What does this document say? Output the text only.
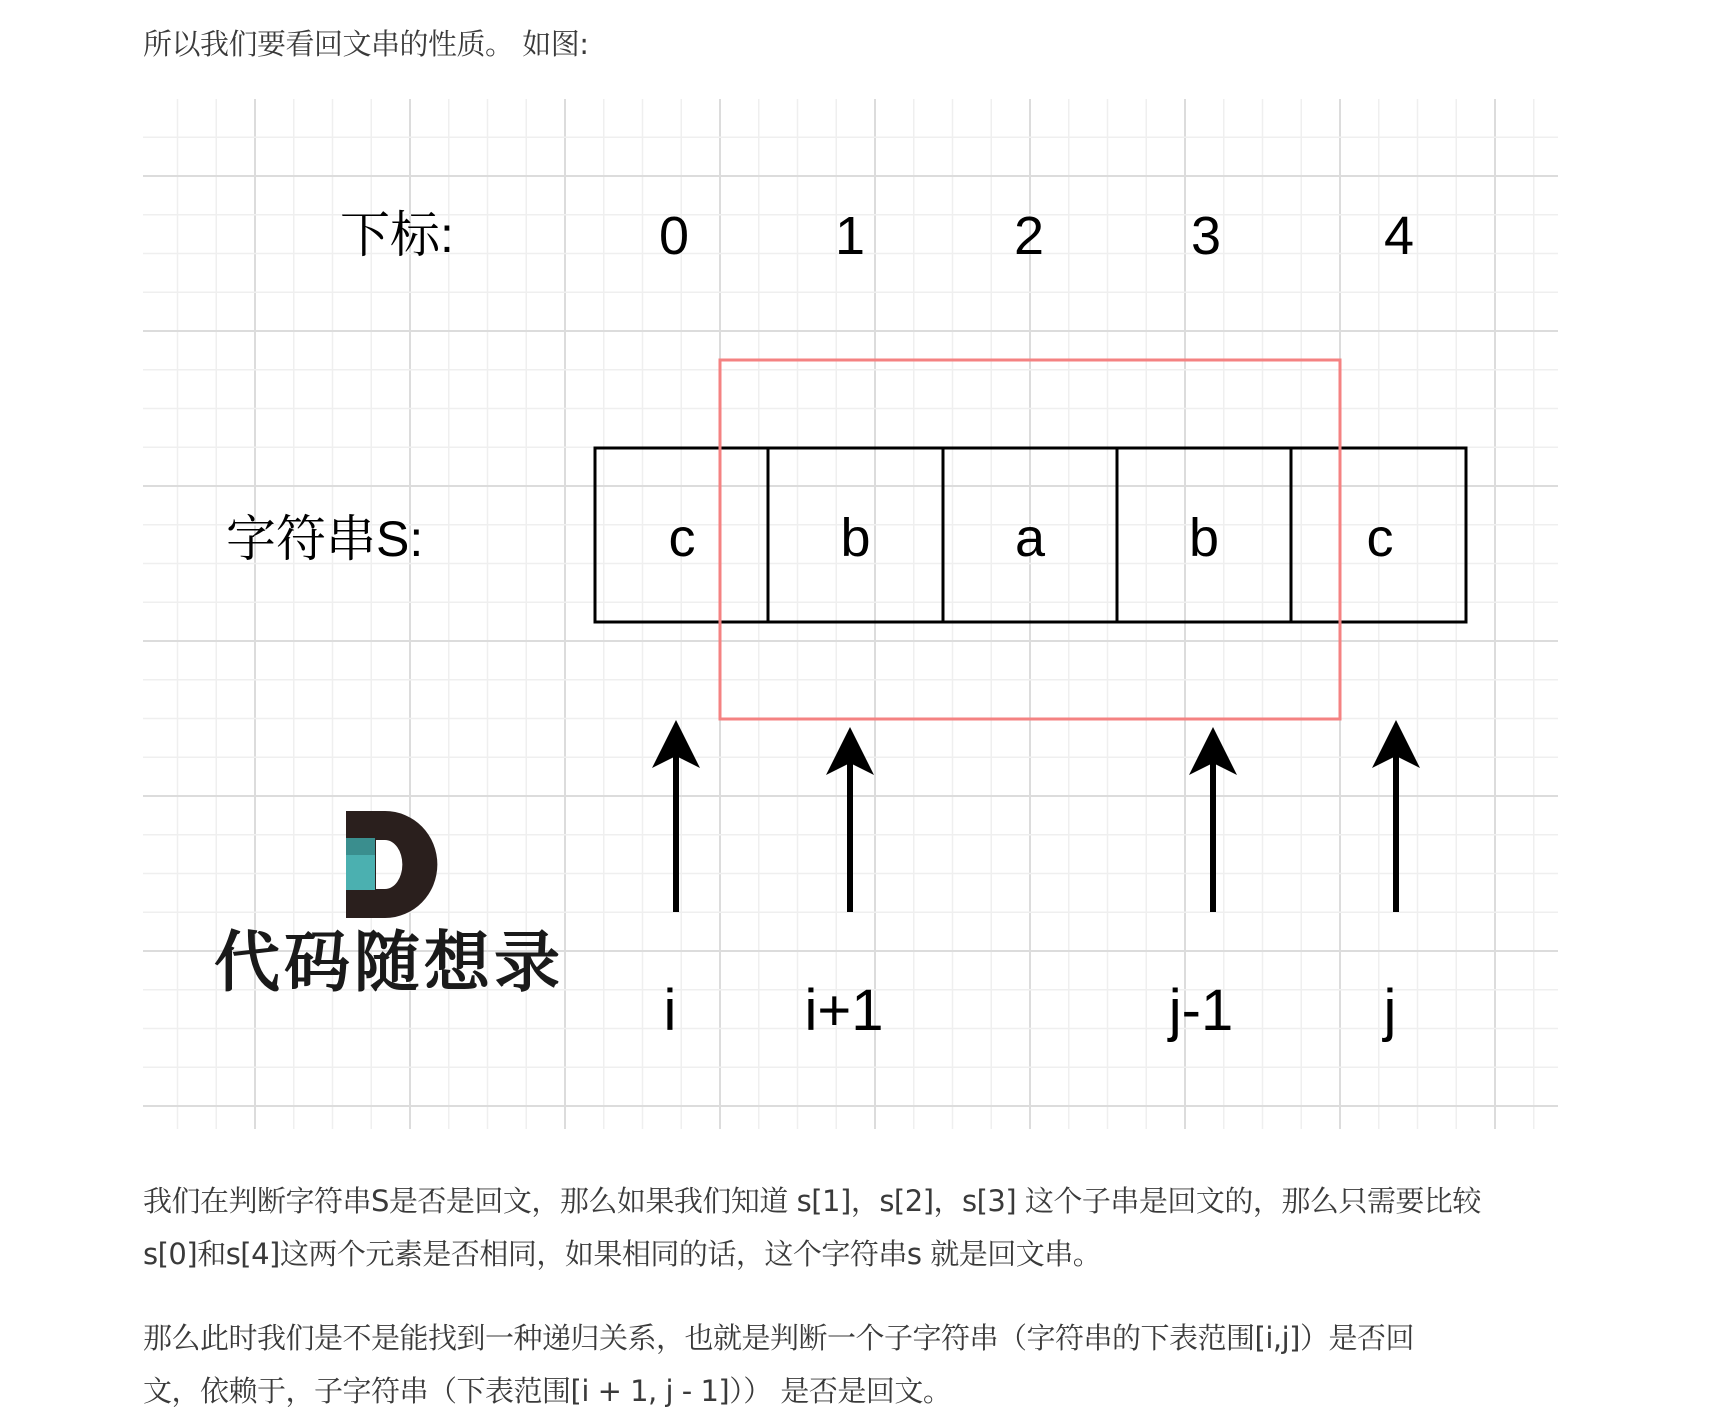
所以我们要看回文串的性质。 如图:
下标:	0	1	2	3	4
字符串S:	c	b	a	b	c
i i+1	j-1	j
代码随想录
我们在判断字符串S是否是回文，那么如果我们知道 s[1]，s[2]，s[3] 这个子串是回文的，那么只需要比较
s[0]和s[4]这两个元素是否相同，如果相同的话，这个字符串s 就是回文串。
那么此时我们是不是能找到一种递归关系，也就是判断一个子字符串（字符串的下表范围[i,j]）是否回
文，依赖于，子字符串（下表范围[i + 1, j - 1]）） 是否是回文。
